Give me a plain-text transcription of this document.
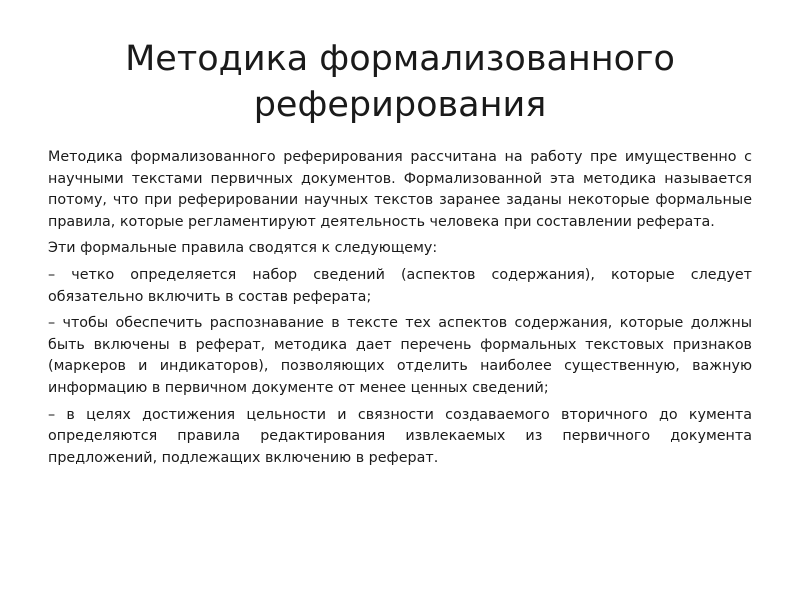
Методика формализованного
реферирования

Методика формализованного реферирования рассчитана на работу пре имущественно с научными текстами первичных документов. Формализованной эта методика называется потому, что при реферировании научных текстов заранее заданы некоторые формальные правила, которые регламентируют деятельность человека при составлении реферата.

Эти формальные правила сводятся к следующему:

– четко определяется набор сведений (аспектов содержания), которые следует обязательно включить в состав реферата;

– чтобы обеспечить распознавание в тексте тех аспектов содержания, которые должны быть включены в реферат, методика дает перечень формальных текстовых признаков (маркеров и индикаторов), позволяющих отделить наиболее существенную, важную информацию в первичном документе от менее ценных сведений;

– в целях достижения цельности и связности создаваемого вторичного до кумента определяются правила редактирования извлекаемых из первичного документа предложений, подлежащих включению в реферат.
